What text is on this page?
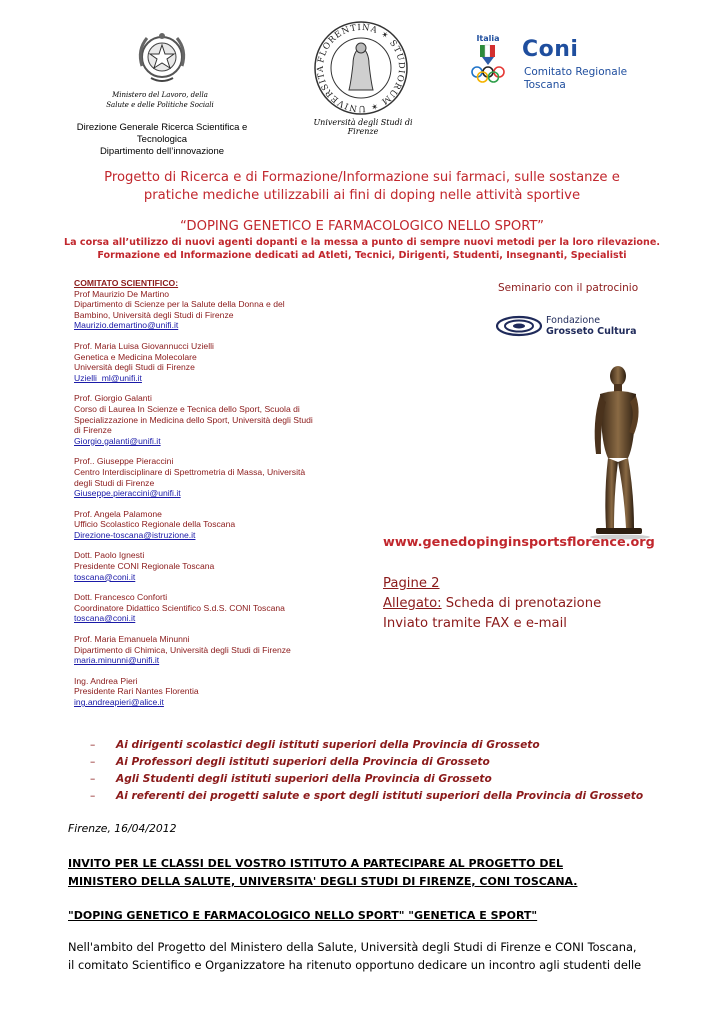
Ministero del Lavoro, della
Salute e delle Politiche Sociali
Direzione Generale Ricerca Scientifica e
Tecnologica
Dipartimento dell’innovazione
FLORENTINA ✶ STUDIORUM ✶ UNIVERSITA
Università degli Studi di Firenze
Italia	Coni
Comitato Regionale
Toscana
Progetto di Ricerca e di Formazione/Informazione sui farmaci, sulle sostanze e
pratiche mediche utilizzabili ai fini di doping nelle attività sportive
“DOPING GENETICO E FARMACOLOGICO NELLO SPORT”
La corsa all’utilizzo di nuovi agenti dopanti e la messa a punto di sempre nuovi metodi per la loro rilevazione.
Formazione ed Informazione dedicati ad Atleti, Tecnici, Dirigenti, Studenti, Insegnanti, Specialisti
COMITATO SCIENTIFICO:
Prof Maurizio De Martino
Dipartimento di Scienze per la Salute della Donna e del
Bambino, Università degli Studi di Firenze
Maurizio.demartino@unifi.it
Prof. Maria Luisa Giovannucci Uzielli
Genetica e Medicina Molecolare
Università degli Studi di Firenze
Uzielli_ml@unifi.it
Prof. Giorgio Galanti
Corso di Laurea In Scienze e Tecnica dello Sport, Scuola di
Specializzazione in Medicina dello Sport, Università degli Studi
di Firenze
Giorgio.galanti@unifi.it
Prof.. Giuseppe Pieraccini
Centro Interdisciplinare di Spettrometria di Massa, Università
degli Studi di Firenze
Giuseppe.pieraccini@unifi.it
Prof. Angela Palamone
Ufficio Scolastico Regionale della Toscana
Direzione-toscana@istruzione.it
Dott. Paolo Ignesti
Presidente CONI Regionale Toscana
toscana@coni.it
Dott. Francesco Conforti
Coordinatore Didattico Scientifico S.d.S. CONI Toscana
toscana@coni.it
Prof. Maria Emanuela Minunni
Dipartimento di Chimica, Università degli Studi di Firenze
maria.minunni@unifi.it
Ing. Andrea Pieri
Presidente Rari Nantes Florentia
ing.andreapieri@alice.it
Seminario con il patrocinio
Fondazione
Grosseto Cultura
www.genedopinginsportsflorence.org
Pagine 2
Allegato: Scheda di prenotazione
Inviato tramite FAX e e-mail
– Ai dirigenti scolastici degli istituti superiori della Provincia di Grosseto
– Ai Professori degli istituti superiori della Provincia di Grosseto
– Agli Studenti degli istituti superiori della Provincia di Grosseto
– Ai referenti dei progetti salute e sport degli istituti superiori della Provincia di Grosseto
Firenze, 16/04/2012
INVITO PER LE CLASSI DEL VOSTRO ISTITUTO A PARTECIPARE AL PROGETTO DEL
MINISTERO DELLA SALUTE, UNIVERSITA' DEGLI STUDI DI FIRENZE, CONI TOSCANA.
"DOPING GENETICO E FARMACOLOGICO NELLO SPORT" "GENETICA E SPORT"
Nell'ambito del Progetto del Ministero della Salute, Università degli Studi di Firenze e CONI Toscana,
il comitato Scientifico e Organizzatore ha ritenuto opportuno dedicare un incontro agli studenti delle
